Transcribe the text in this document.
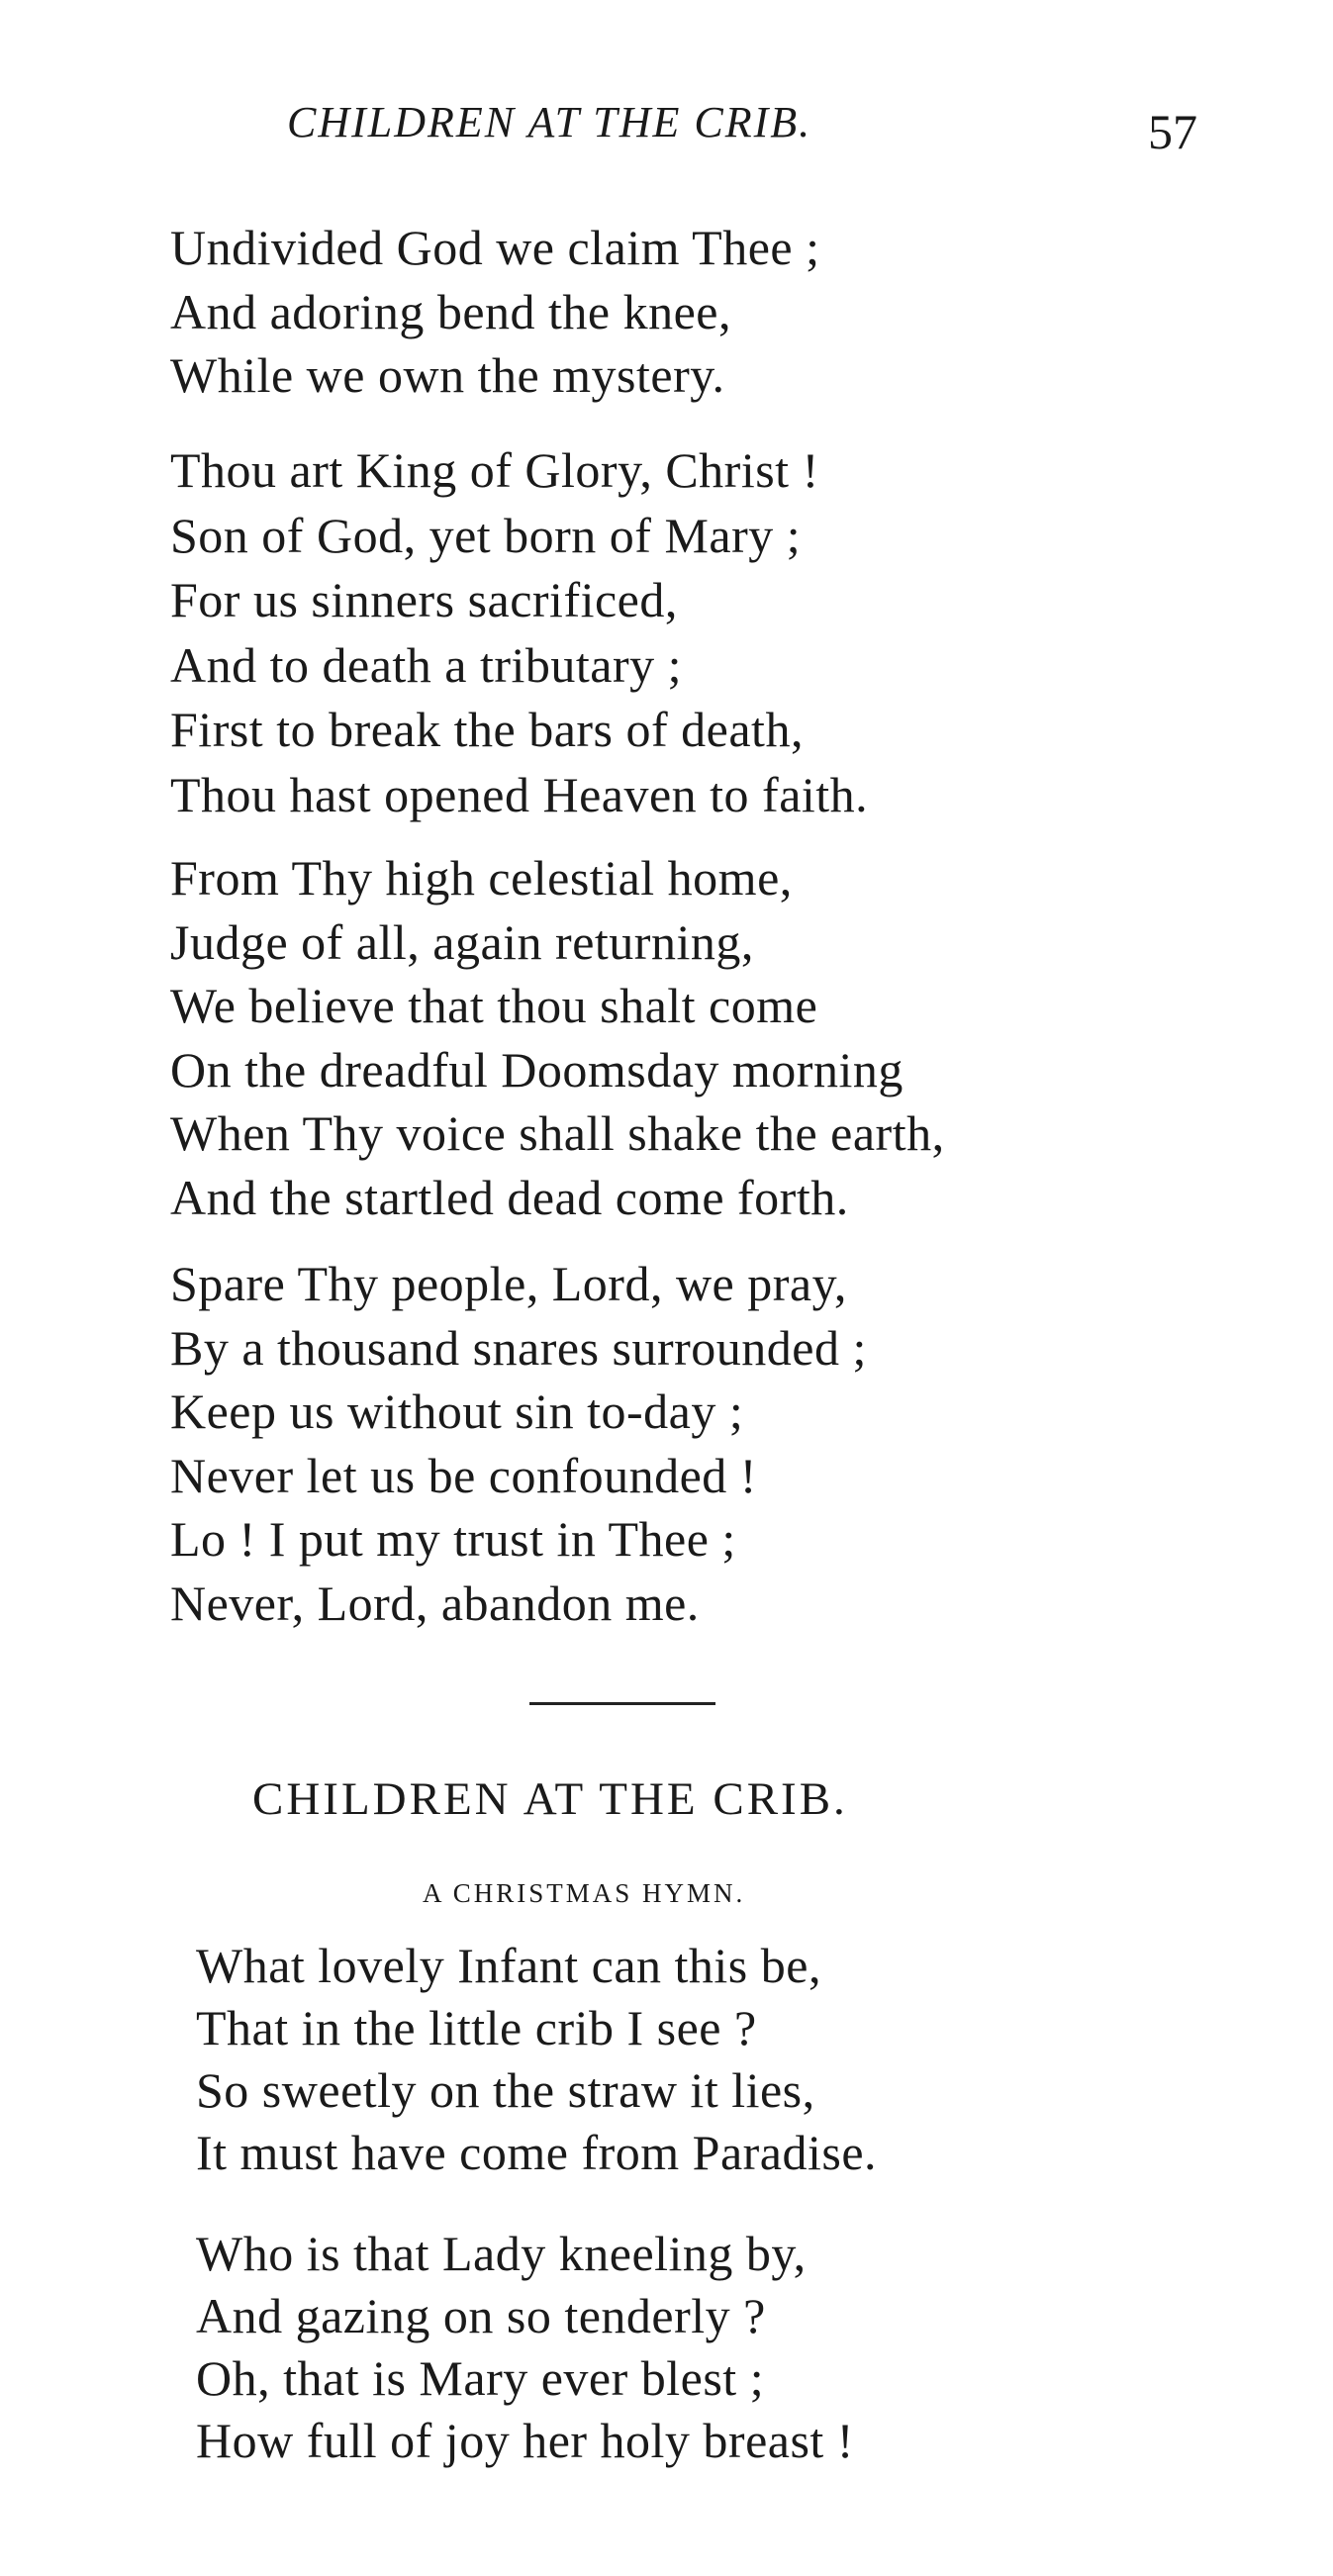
CHILDREN AT THE CRIB.	57
Undivided God we claim Thee ;
And adoring bend the knee,
While we own the mystery.
Thou art King of Glory, Christ !
Son of God, yet born of Mary ;
For us sinners sacrificed,
And to death a tributary ;
First to break the bars of death,
Thou hast opened Heaven to faith.
From Thy high celestial home,
Judge of all, again returning,
We believe that thou shalt come
On the dreadful Doomsday morning
When Thy voice shall shake the earth,
And the startled dead come forth.
Spare Thy people, Lord, we pray,
By a thousand snares surrounded ;
Keep us without sin to-day ;
Never let us be confounded !
Lo ! I put my trust in Thee ;
Never, Lord, abandon me.
CHILDREN AT THE CRIB.
A CHRISTMAS HYMN.
What lovely Infant can this be,
That in the little crib I see ?
So sweetly on the straw it lies,
It must have come from Paradise.
Who is that Lady kneeling by,
And gazing on so tenderly ?
Oh, that is Mary ever blest ;
How full of joy her holy breast !
